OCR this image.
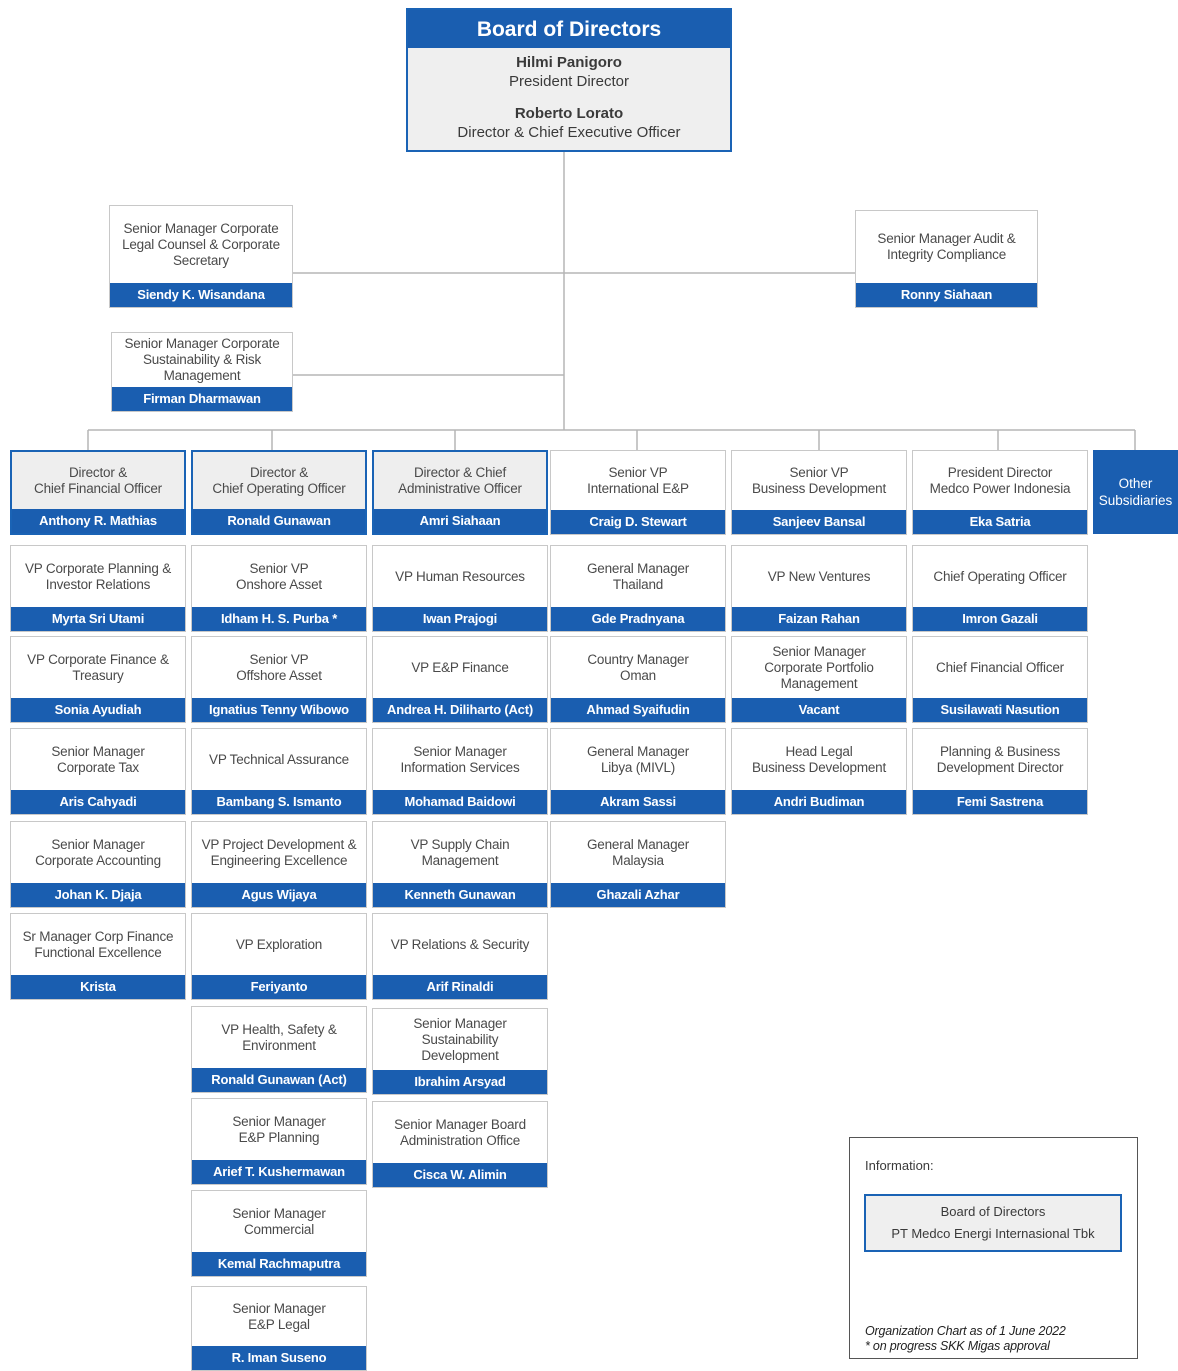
Board of Directors
Hilmi Panigoro
President Director
Roberto Lorato
Director & Chief Executive Officer
Senior Manager Corporate
Legal Counsel & Corporate
Secretary
Siendy K. Wisandana
Senior Manager Audit &
Integrity Compliance
Ronny Siahaan
Senior Manager Corporate
Sustainability & Risk
Management
Firman Dharmawan
Director &
Chief Financial Officer
Anthony R. Mathias
VP Corporate Planning &
Investor Relations
Myrta Sri Utami
VP Corporate Finance &
Treasury
Sonia Ayudiah
Senior Manager
Corporate Tax
Aris Cahyadi
Senior Manager
Corporate Accounting
Johan K. Djaja
Sr Manager Corp Finance
Functional Excellence
Krista
Director &
Chief Operating Officer
Ronald Gunawan
Senior VP
Onshore Asset
Idham H. S. Purba *
Senior VP
Offshore Asset
Ignatius Tenny Wibowo
VP Technical Assurance
Bambang S. Ismanto
VP Project Development &
Engineering Excellence
Agus Wijaya
VP Exploration
Feriyanto
VP Health, Safety &
Environment
Ronald Gunawan (Act)
Senior Manager
E&P Planning
Arief T. Kushermawan
Senior Manager
Commercial
Kemal Rachmaputra
Senior Manager
E&P Legal
R. Iman Suseno
Director & Chief
Administrative Officer
Amri Siahaan
VP Human Resources
Iwan Prajogi
VP E&P Finance
Andrea H. Diliharto (Act)
Senior Manager
Information Services
Mohamad Baidowi
VP Supply Chain
Management
Kenneth Gunawan
VP Relations & Security
Arif Rinaldi
Senior Manager
Sustainability
Development
Ibrahim Arsyad
Senior Manager Board
Administration Office
Cisca W. Alimin
Senior VP
International E&P
Craig D. Stewart
General Manager
Thailand
Gde Pradnyana
Country Manager
Oman
Ahmad Syaifudin
General Manager
Libya (MIVL)
Akram Sassi
General Manager
Malaysia
Ghazali Azhar
Senior VP
Business Development
Sanjeev Bansal
VP New Ventures
Faizan Rahan
Senior Manager
Corporate Portfolio
Management
Vacant
Head Legal
Business Development
Andri Budiman
President Director
Medco Power Indonesia
Eka Satria
Chief Operating Officer
Imron Gazali
Chief Financial Officer
Susilawati Nasution
Planning & Business
Development Director
Femi Sastrena
Other
Subsidiaries
Information:
Board of Directors
PT Medco Energi Internasional Tbk
Organization Chart as of 1 June 2022
* on progress SKK Migas approval
